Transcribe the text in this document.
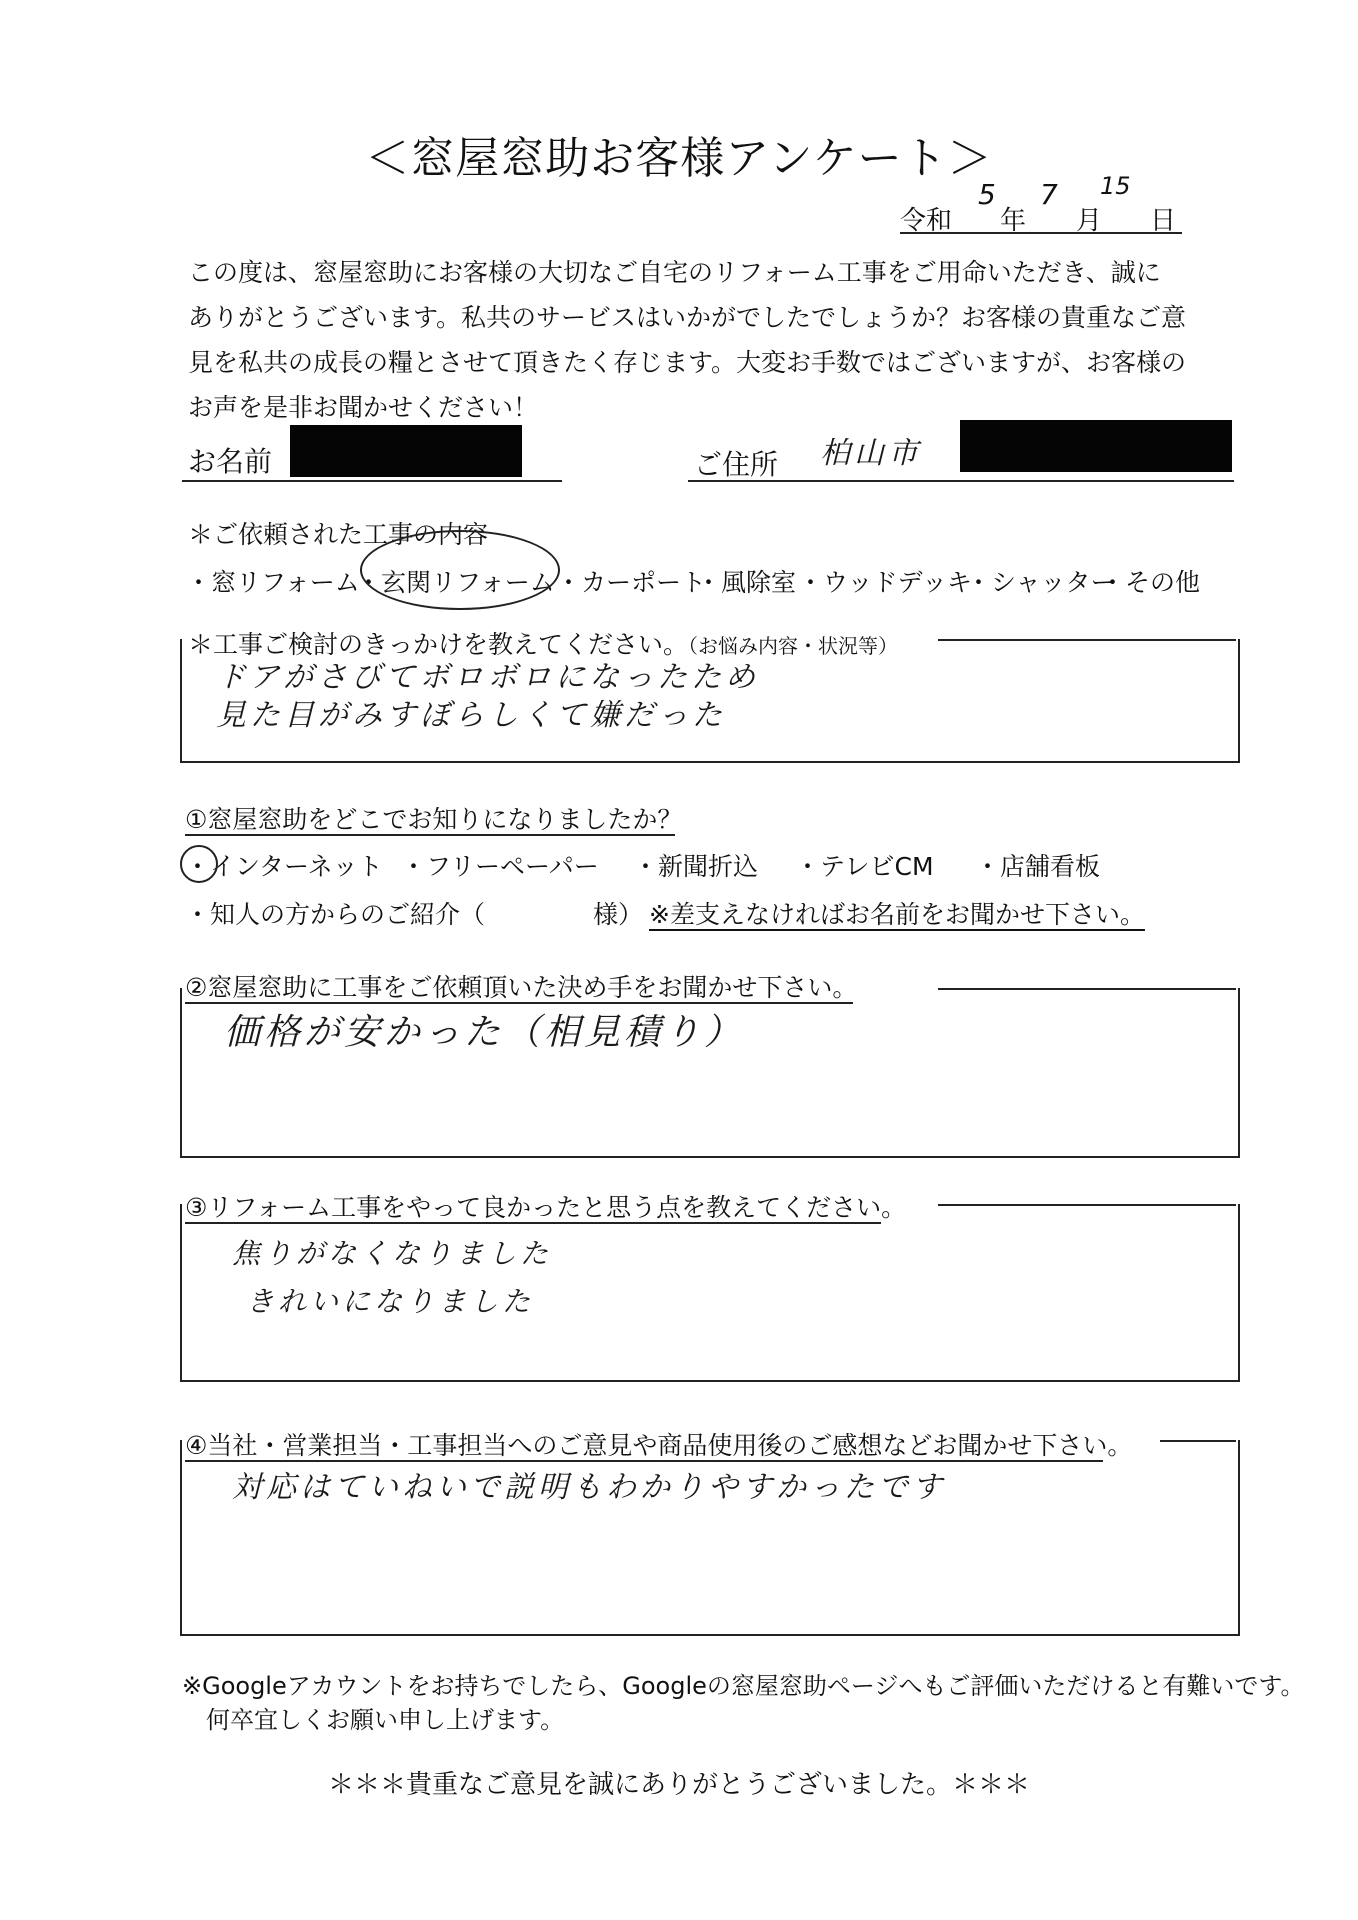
＜窓屋窓助お客様アンケート＞
令和
5
年
7
月
15
日

この度は、窓屋窓助にお客様の大切なご自宅のリフォーム工事をご用命いただき、誠に

ありがとうございます。私共のサービスはいかがでしたでしょうか？お客様の貴重なご意

見を私共の成長の糧とさせて頂きたく存じます。大変お手数ではございますが、お客様の

お声を是非お聞かせください！

お名前	ご住所 柏山市
＊ご依頼された工事の内容
・窓リフォーム
・玄関リフォーム ・カーポート
・風除室 ・ウッドデッキ
・シャッター
・その他
＊工事ご検討のきっかけを教えてください。（お悩み内容・状況等）
ドアがさびてボロボロになったため
見た目がみすぼらしくて嫌だった
①窓屋窓助をどこでお知りになりましたか？
・インターネット ・フリーペーパー ・新聞折込 ・テレビCM ・店舗看板
・知人の方からのご紹介（	様） ※差支えなければお名前をお聞かせ下さい。
②窓屋窓助に工事をご依頼頂いた決め手をお聞かせ下さい。
価格が安かった（相見積り）
③リフォーム工事をやって良かったと思う点を教えてください。
焦りがなくなりました
きれいになりました
④当社・営業担当・工事担当へのご意見や商品使用後のご感想などお聞かせ下さい。
対応はていねいで説明もわかりやすかったです
※Googleアカウントをお持ちでしたら、Googleの窓屋窓助ページへもご評価いただけると有難いです。
何卒宜しくお願い申し上げます。
＊＊＊貴重なご意見を誠にありがとうございました。＊＊＊
